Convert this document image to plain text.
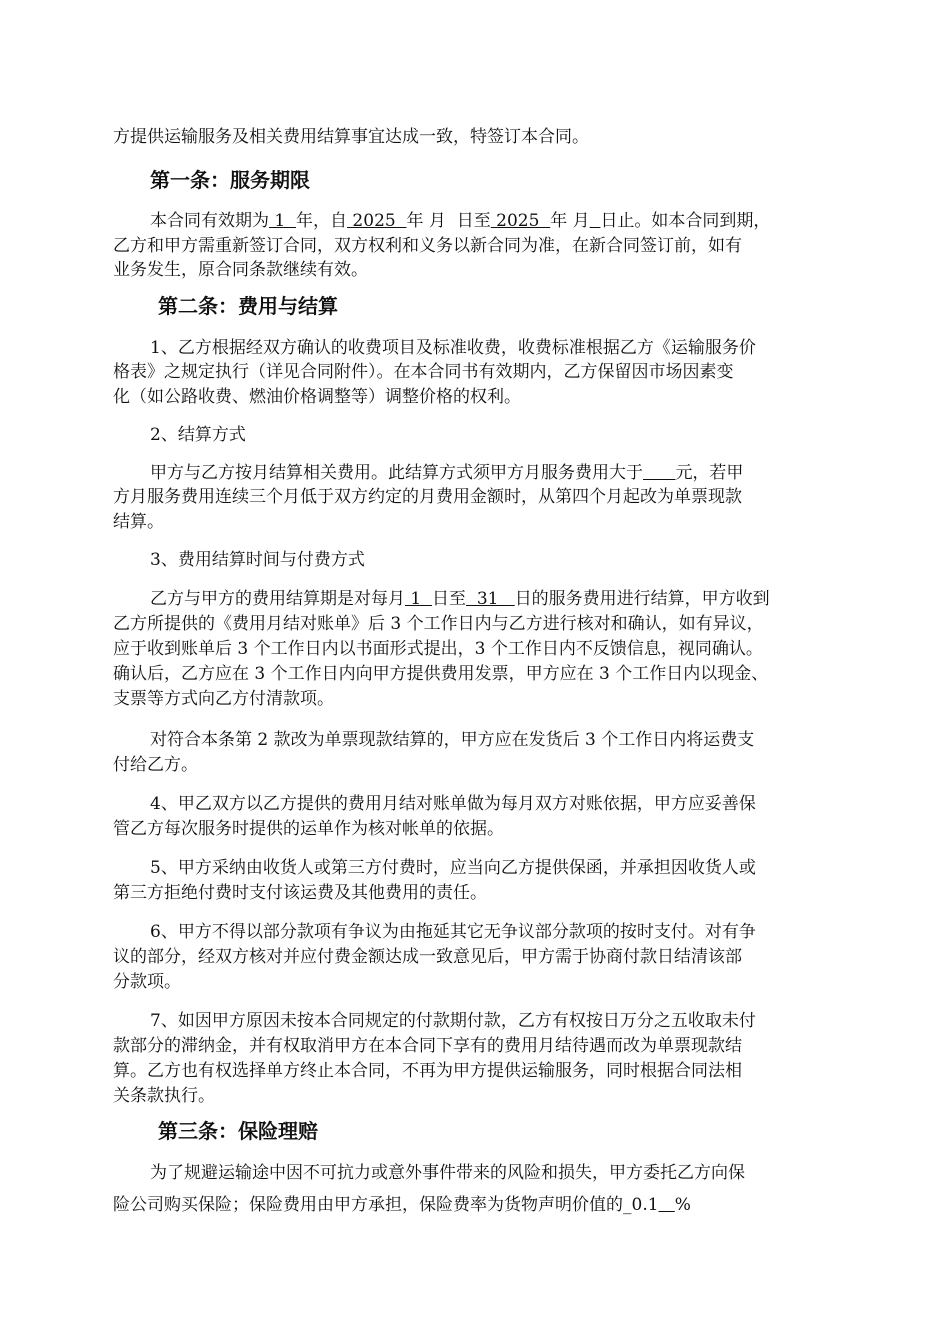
方提供运输服务及相关费用结算事宜达成一致，特签订本合同。
第一条：服务期限
本合同有效期为 1  年，自 2025  年 月  日至 2025  年 月 日止。如本合同到期，
乙方和甲方需重新签订合同，双方权利和义务以新合同为准，在新合同签订前，如有
业务发生，原合同条款继续有效。
第二条：费用与结算
1、乙方根据经双方确认的收费项目及标准收费，收费标准根据乙方《运输服务价
格表》之规定执行（详见合同附件）。在本合同书有效期内，乙方保留因市场因素变
化（如公路收费、燃油价格调整等）调整价格的权利。
2、结算方式
甲方与乙方按月结算相关费用。此结算方式须甲方月服务费用大于 元，若甲
方月服务费用连续三个月低于双方约定的月费用金额时，从第四个月起改为单票现款
结算。
3、费用结算时间与付费方式
乙方与甲方的费用结算期是对每月 1  日至  31   日的服务费用进行结算，甲方收到
乙方所提供的《费用月结对账单》后 3 个工作日内与乙方进行核对和确认，如有异议，
应于收到账单后 3 个工作日内以书面形式提出，3 个工作日内不反馈信息，视同确认。
确认后，乙方应在 3 个工作日内向甲方提供费用发票，甲方应在 3 个工作日内以现金、
支票等方式向乙方付清款项。
对符合本条第 2 款改为单票现款结算的，甲方应在发货后 3 个工作日内将运费支
付给乙方。
4、甲乙双方以乙方提供的费用月结对账单做为每月双方对账依据，甲方应妥善保
管乙方每次服务时提供的运单作为核对帐单的依据。
5、甲方采纳由收货人或第三方付费时，应当向乙方提供保函，并承担因收货人或
第三方拒绝付费时支付该运费及其他费用的责任。
6、甲方不得以部分款项有争议为由拖延其它无争议部分款项的按时支付。对有争
议的部分，经双方核对并应付费金额达成一致意见后，甲方需于协商付款日结清该部
分款项。
7、如因甲方原因未按本合同规定的付款期付款，乙方有权按日万分之五收取未付
款部分的滞纳金，并有权取消甲方在本合同下享有的费用月结待遇而改为单票现款结
算。乙方也有权选择单方终止本合同，不再为甲方提供运输服务，同时根据合同法相
关条款执行。
第三条：保险理赔
为了规避运输途中因不可抗力或意外事件带来的风险和损失，甲方委托乙方向保
险公司购买保险；保险费用由甲方承担，保险费率为货物声明价值的_0.1 %
